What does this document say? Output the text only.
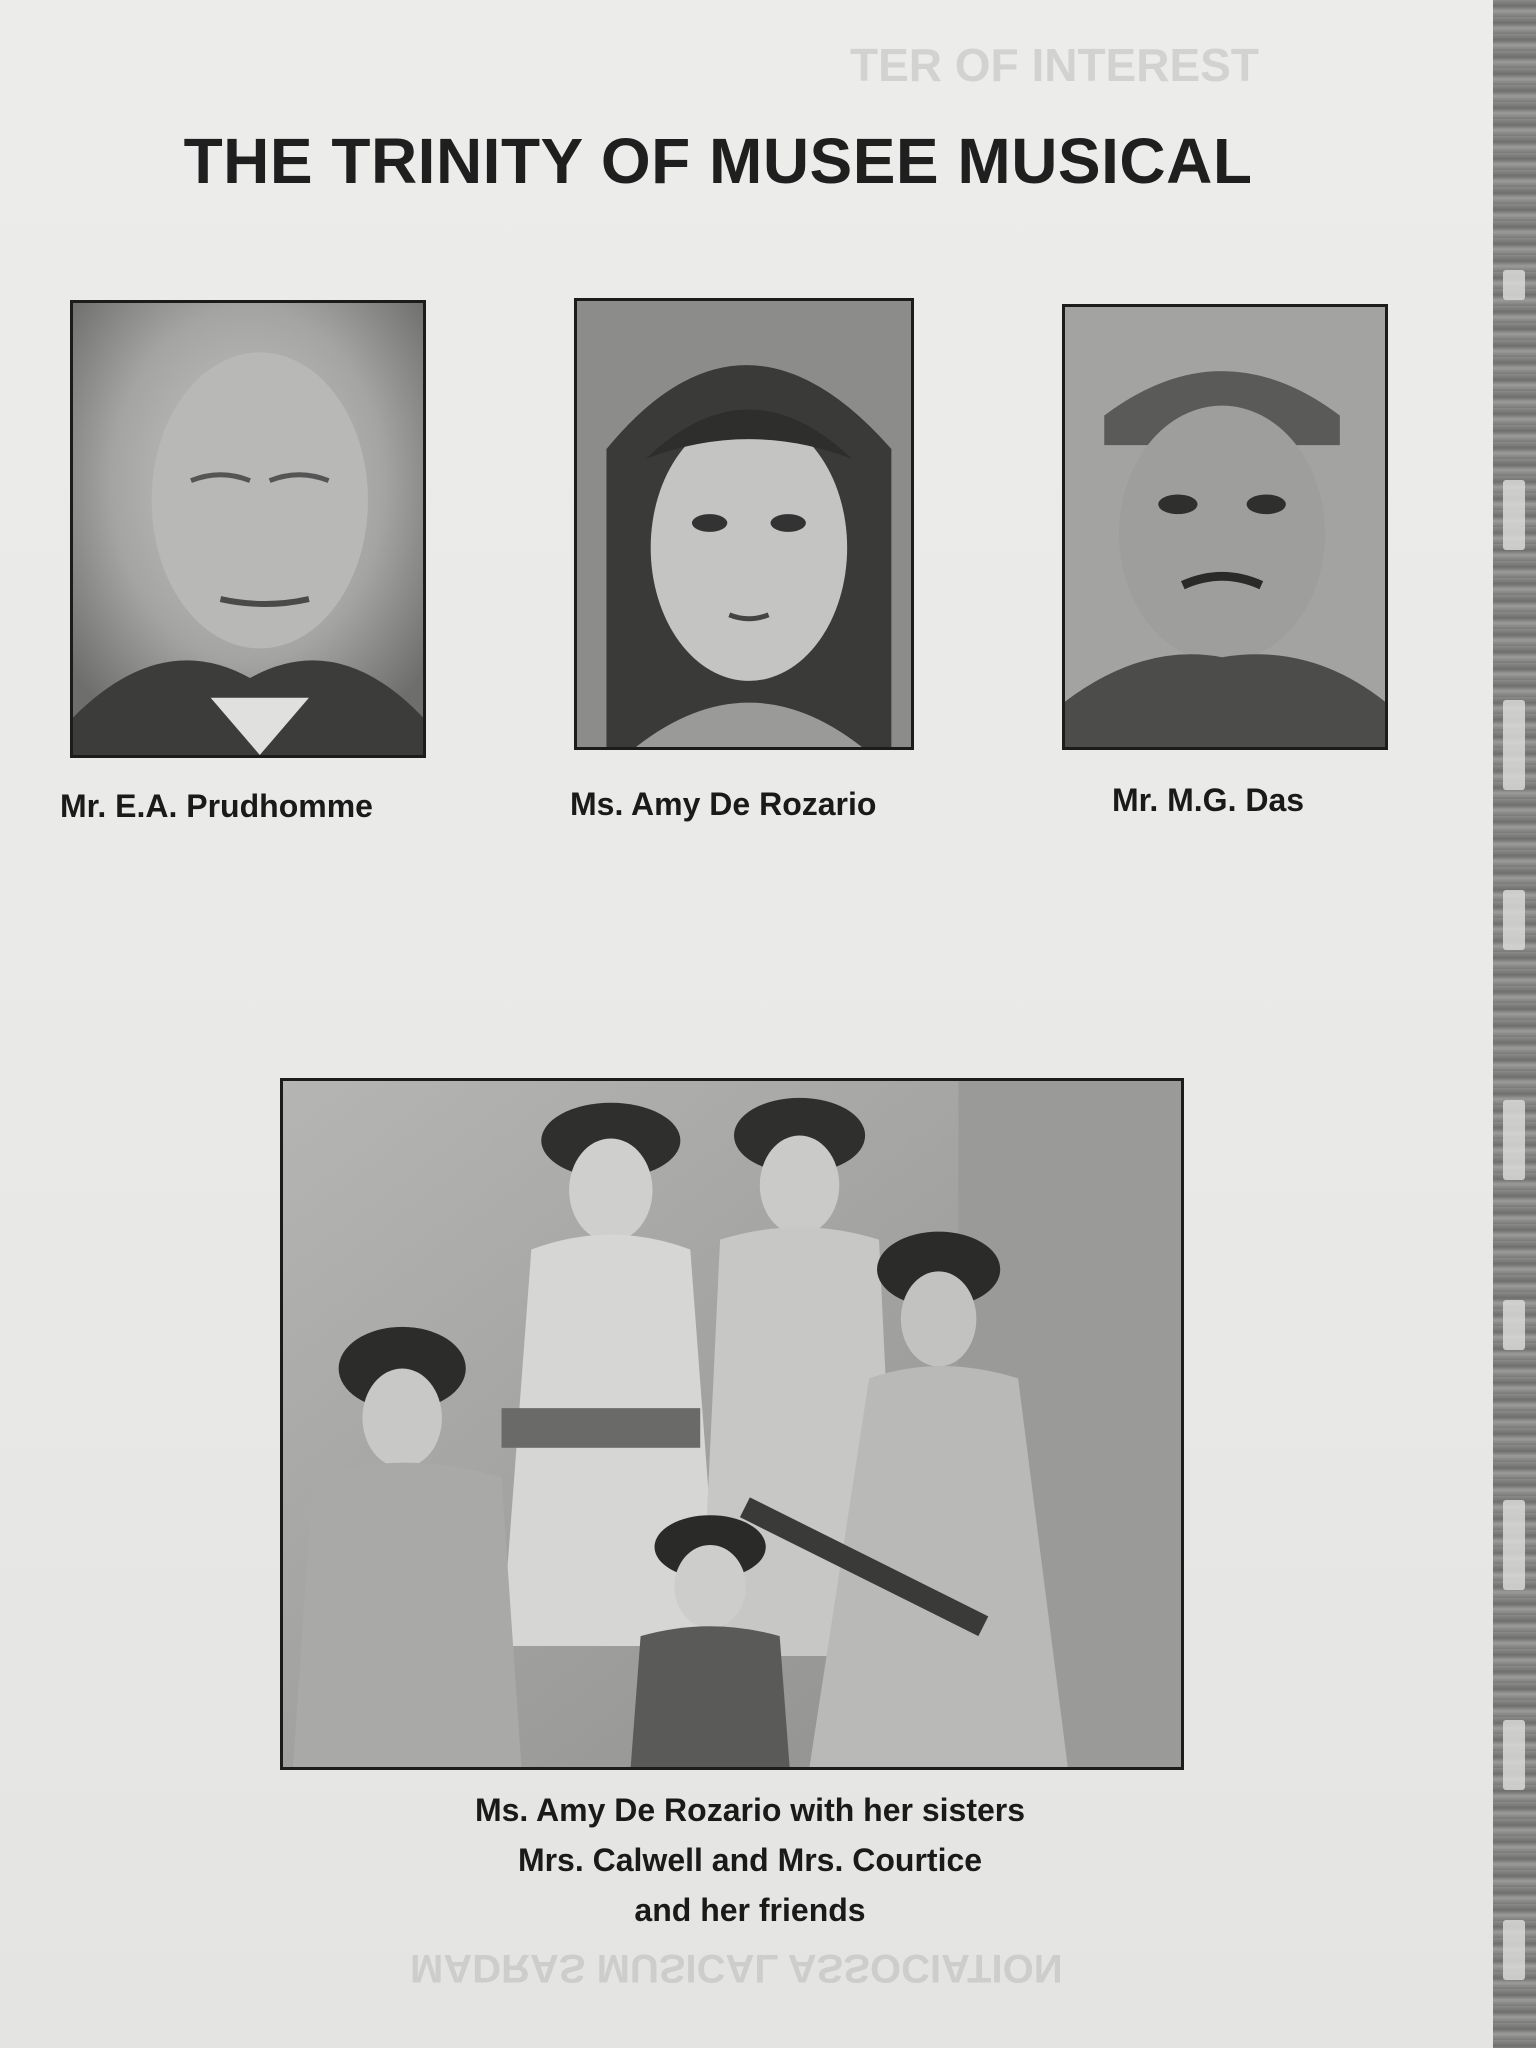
TER OF INTEREST
MADRAS MUSICAL ASSOCIATION
THE TRINITY OF MUSEE MUSICAL
Mr. E.A. Prudhomme	Ms. Amy De Rozario	Mr. M.G. Das
Ms. Amy De Rozario with her sisters
Mrs. Calwell and Mrs. Courtice
and her friends
